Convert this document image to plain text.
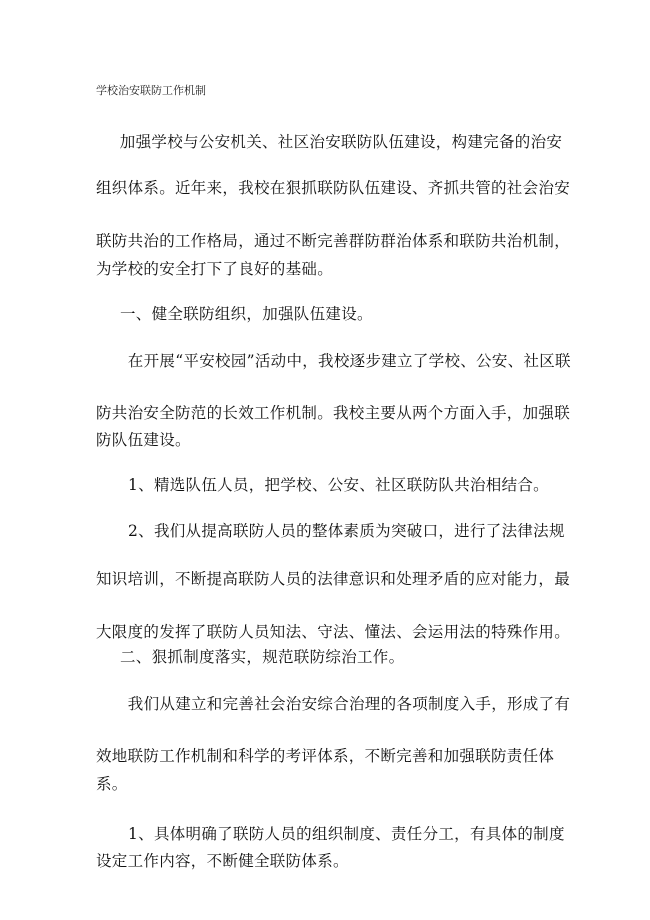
学校治安联防工作机制
　加强学校与公安机关、社区治安联防队伍建设，构建完备的治安
组织体系。近年来，我校在狠抓联防队伍建设、齐抓共管的社会治安
联防共治的工作格局，通过不断完善群防群治体系和联防共治机制，
为学校的安全打下了良好的基础。
一、健全联防组织，加强队伍建设。
　在开展“平安校园”活动中，我校逐步建立了学校、公安、社区联
防共治安全防范的长效工作机制。我校主要从两个方面入手，加强联
防队伍建设。
1、精选队伍人员，把学校、公安、社区联防队共治相结合。
2、我们从提高联防人员的整体素质为突破口，进行了法律法规
知识培训，不断提高联防人员的法律意识和处理矛盾的应对能力，最
大限度的发挥了联防人员知法、守法、懂法、会运用法的特殊作用。
二、狠抓制度落实，规范联防综治工作。
　我们从建立和完善社会治安综合治理的各项制度入手，形成了有
效地联防工作机制和科学的考评体系，不断完善和加强联防责任体
系。
1、具体明确了联防人员的组织制度、责任分工，有具体的制度
设定工作内容，不断健全联防体系。
